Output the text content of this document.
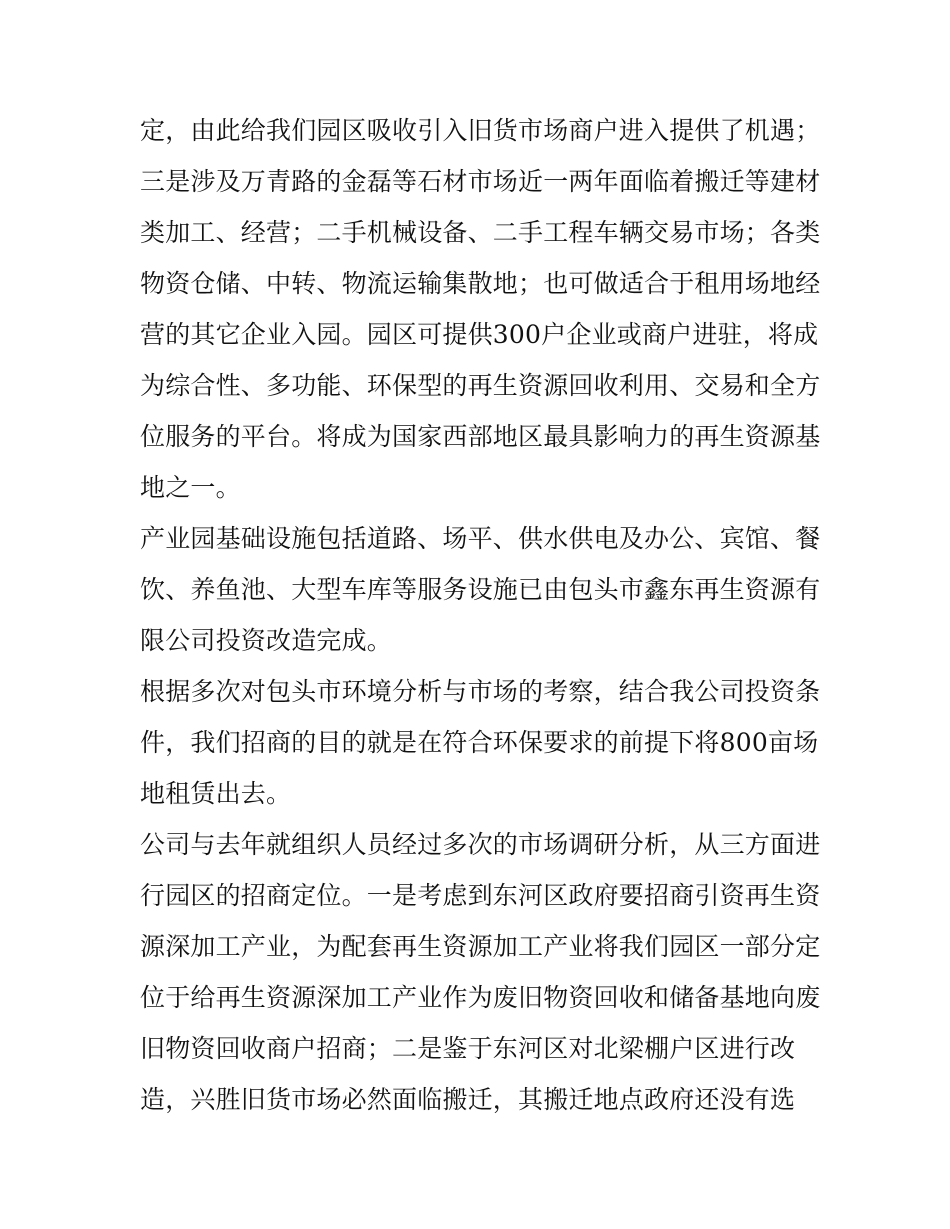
定，由此给我们园区吸收引入旧货市场商户进入提供了机遇；
三是涉及万青路的金磊等石材市场近一两年面临着搬迁等建材
类加工、经营；二手机械设备、二手工程车辆交易市场；各类
物资仓储、中转、物流运输集散地；也可做适合于租用场地经
营的其它企业入园。园区可提供300户企业或商户进驻，将成
为综合性、多功能、环保型的再生资源回收利用、交易和全方
位服务的平台。将成为国家西部地区最具影响力的再生资源基
地之一。
产业园基础设施包括道路、场平、供水供电及办公、宾馆、餐
饮、养鱼池、大型车库等服务设施已由包头市鑫东再生资源有
限公司投资改造完成。
根据多次对包头市环境分析与市场的考察，结合我公司投资条
件，我们招商的目的就是在符合环保要求的前提下将800亩场
地租赁出去。
公司与去年就组织人员经过多次的市场调研分析，从三方面进
行园区的招商定位。一是考虑到东河区政府要招商引资再生资
源深加工产业，为配套再生资源加工产业将我们园区一部分定
位于给再生资源深加工产业作为废旧物资回收和储备基地向废
旧物资回收商户招商；二是鉴于东河区对北梁棚户区进行改
造，兴胜旧货市场必然面临搬迁，其搬迁地点政府还没有选
